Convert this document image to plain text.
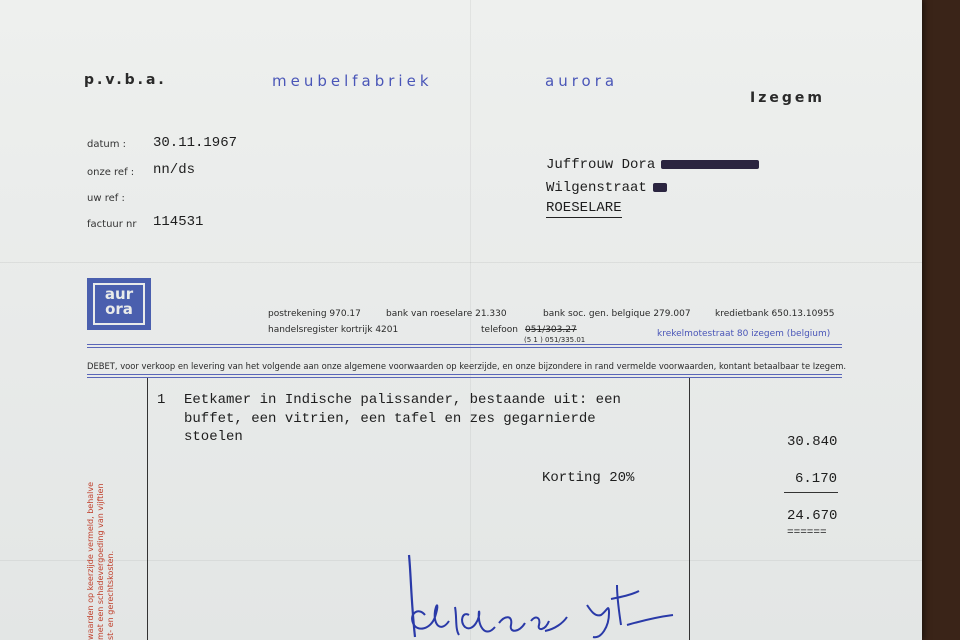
p.v.b.a.	meubelfabriek	aurora
Izegem
datum : 30.11.1967
onze ref : nn/ds
uw ref :
factuur nr 114531
Juffrouw Dora
Wilgenstraat
ROESELARE
aur
ora	postrekening 970.17	bank van roeselare 21.330	bank soc. gen. belgique 279.007	kredietbank 650.13.10955
handelsregister kortrijk 4201	telefoon 051/303.27
(5 1 ) 051/335.01
krekelmotestraat 80 izegem (belgium)
DEBET, voor verkoop en levering van het volgende aan onze algemene voorwaarden op keerzijde, en onze bijzondere in rand vermelde voorwaarden, kontant betaalbaar te Izegem.
1 Eetkamer in Indische palissander, bestaande uit: een
buffet, een vitrien, een tafel en zes gegarnierde
stoelen	30.840
Korting 20%	6.170
24.670
======
waarden op keerzijde vermeld, behalve met een schadevergoeding van vijftien st- en gerechtskosten.
